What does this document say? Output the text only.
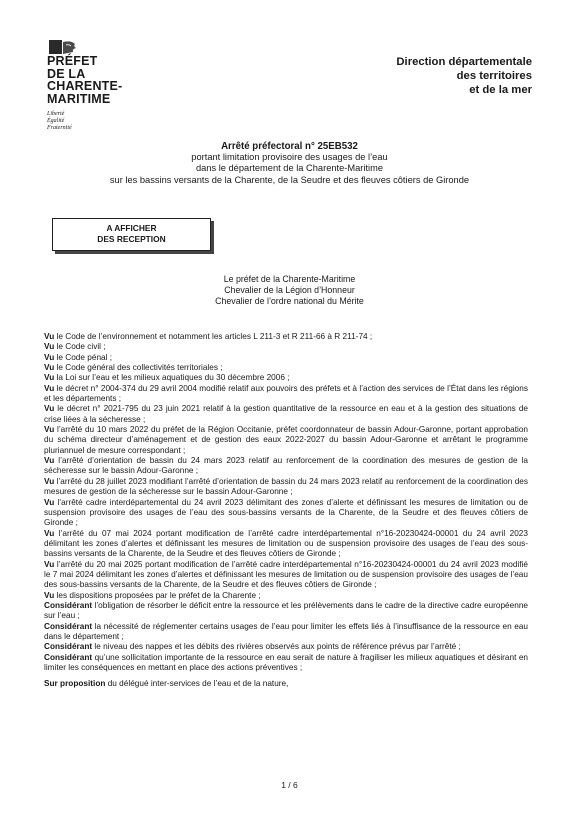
PRÉFET
DE LA
CHARENTE-
MARITIME
Liberté
Égalité
Fraternité
Direction départementale
des territoires
et de la mer
Arrêté préfectoral n° 25EB532
portant limitation provisoire des usages de l’eau
dans le département de la Charente-Maritime
sur les bassins versants de la Charente, de la Seudre et des fleuves côtiers de Gironde
A AFFICHER
DES RECEPTION
Le préfet de la Charente-Maritime
Chevalier de la Légion d’Honneur
Chevalier de l’ordre national du Mérite

Vu le Code de l’environnement et notamment les articles L 211-3 et R 211-66 à R 211-74 ;

Vu le Code civil ;

Vu le Code pénal ;

Vu le Code général des collectivités territoriales ;

Vu la Loi sur l’eau et les milieux aquatiques du 30 décembre 2006 ;

Vu le décret n° 2004-374 du 29 avril 2004 modifié relatif aux pouvoirs des préfets et à l’action des services de l’État dans les régions et les départements ;

Vu le décret n° 2021-795 du 23 juin 2021 relatif à la gestion quantitative de la ressource en eau et à la gestion des situations de crise liées à la sécheresse ;

Vu l’arrêté du 10 mars 2022 du préfet de la Région Occitanie, préfet coordonnateur de bassin Adour-Garonne, portant approbation du schéma directeur d’aménagement et de gestion des eaux 2022-2027 du bassin Adour-Garonne et arrêtant le programme pluriannuel de mesure correspondant ;

Vu l’arrêté d’orientation de bassin du 24 mars 2023 relatif au renforcement de la coordination des mesures de gestion de la sécheresse sur le bassin Adour-Garonne ;

Vu l’arrêté du 28 juillet 2023 modifiant l’arrêté d’orientation de bassin du 24 mars 2023 relatif au renforcement de la coordination des mesures de gestion de la sécheresse sur le bassin Adour-Garonne ;

Vu l’arrêté cadre interdépartemental du 24 avril 2023 délimitant des zones d’alerte et définissant les mesures de limitation ou de suspension provisoire des usages de l’eau des sous-bassins versants de la Charente, de la Seudre et des fleuves côtiers de Gironde ;

Vu l’arrêté du 07 mai 2024 portant modification de l’arrêté cadre interdépartemental n°16-20230424-00001 du 24 avril 2023 délimitant les zones d’alertes et définissant les mesures de limitation ou de suspension provisoire des usages de l’eau des sous-bassins versants de la Charente, de la Seudre et des fleuves côtiers de Gironde ;

Vu l’arrêté du 20 mai 2025 portant modification de l’arrêté cadre interdépartemental n°16-20230424-00001 du 24 avril 2023 modifié le 7 mai 2024 délimitant les zones d’alertes et définissant les mesures de limitation ou de suspension provisoire des usages de l’eau des sous-bassins versants de la Charente, de la Seudre et des fleuves côtiers de Gironde ;

Vu les dispositions proposées par le préfet de la Charente ;

Considérant l’obligation de résorber le déficit entre la ressource et les prélèvements dans le cadre de la directive cadre européenne sur l’eau ;

Considérant la nécessité de réglementer certains usages de l’eau pour limiter les effets liés à l’insuffisance de la ressource en eau dans le département ;

Considérant le niveau des nappes et les débits des rivières observés aux points de référence prévus par l’arrêté ;

Considérant qu’une sollicitation importante de la ressource en eau serait de nature à fragiliser les milieux aquatiques et désirant en limiter les conséquences en mettant en place des actions préventives ;

Sur proposition du délégué inter-services de l’eau et de la nature,

1 / 6
